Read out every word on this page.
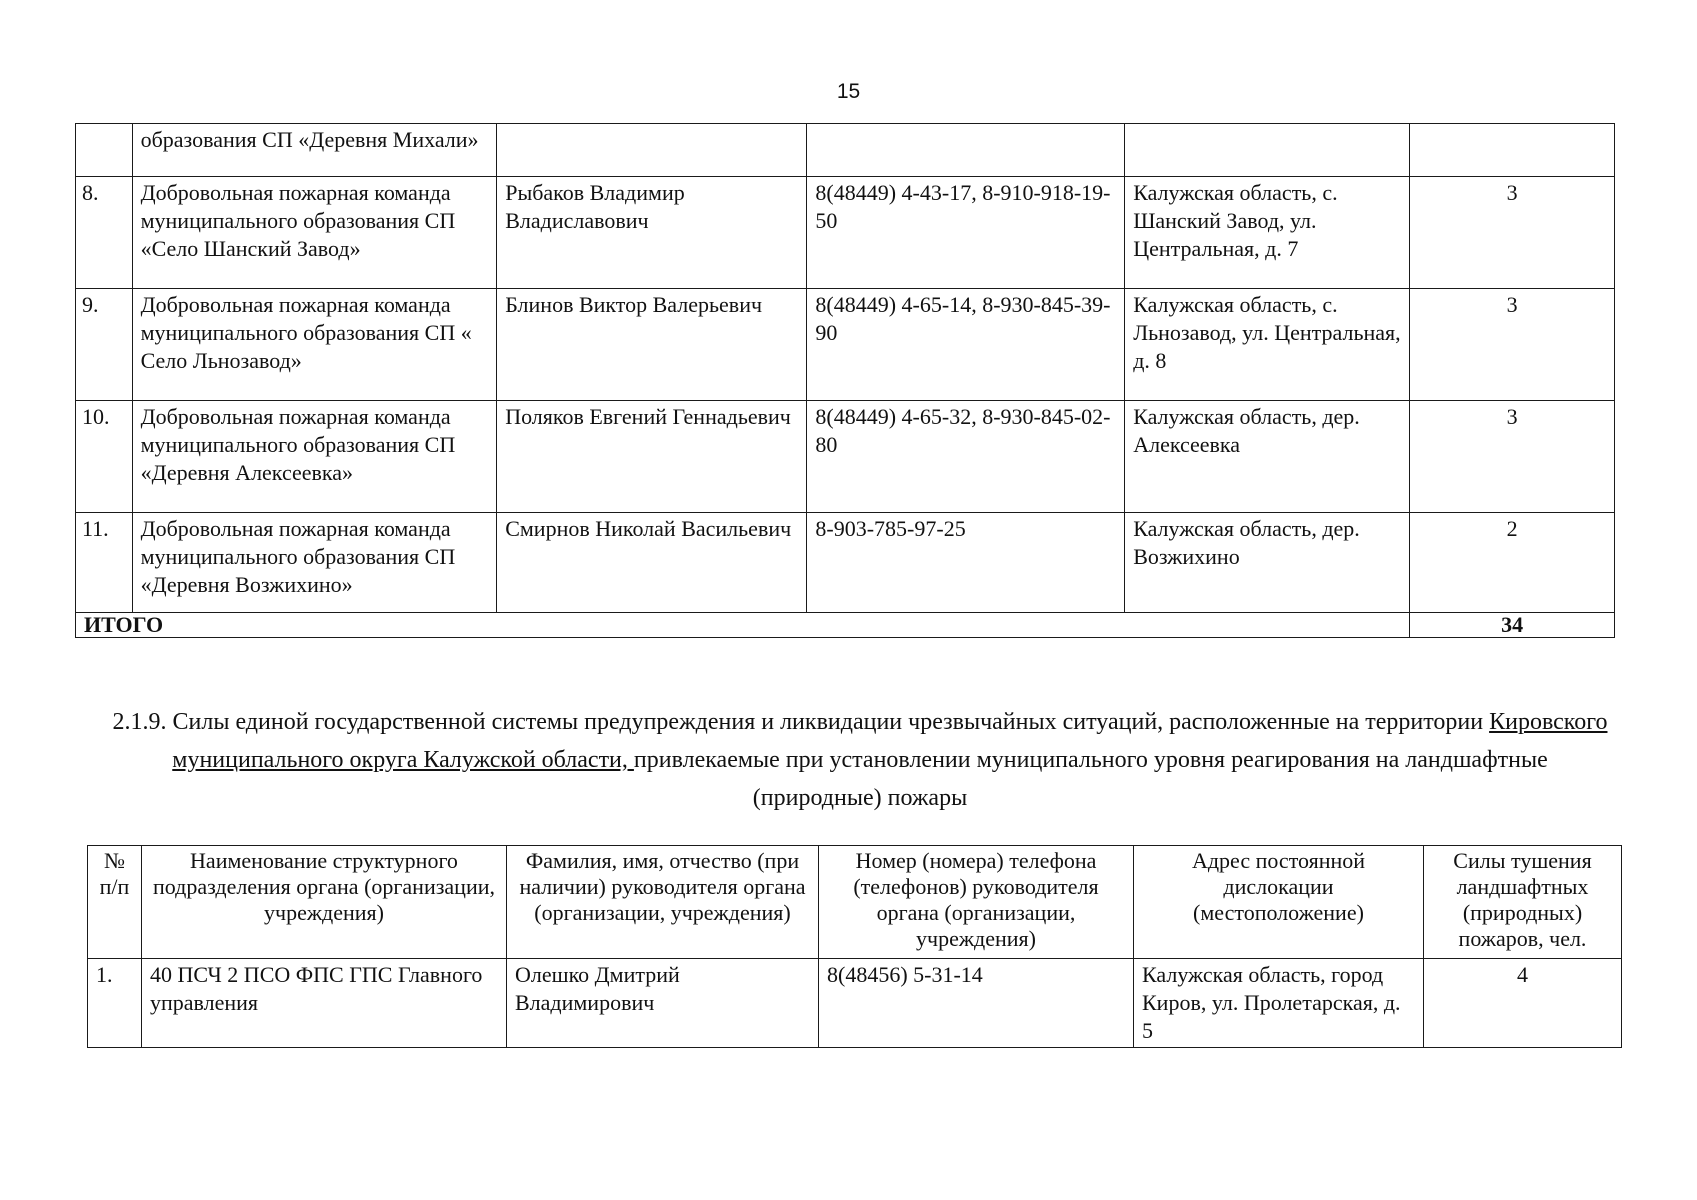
15
	образования СП «Деревня Михали»				
8.	Добровольная пожарная команда муниципального образования СП «Село Шанский Завод»	Рыбаков Владимир Владиславович	8(48449) 4-43-17, 8-910-918-19-50	Калужская область, с. Шанский Завод, ул. Центральная, д. 7	3
9.	Добровольная пожарная команда муниципального образования СП « Село Льнозавод»	Блинов Виктор Валерьевич	8(48449) 4-65-14, 8-930-845-39-90	Калужская область, с. Льнозавод, ул. Центральная, д. 8	3
10.	Добровольная пожарная команда муниципального образования СП «Деревня Алексеевка»	Поляков Евгений Геннадьевич	8(48449) 4-65-32, 8-930-845-02-80	Калужская область, дер. Алексеевка	3
11.	Добровольная пожарная команда муниципального образования СП «Деревня Возжихино»	Смирнов Николай Васильевич	8-903-785-97-25	Калужская область, дер. Возжихино	2
ИТОГО					34
2.1.9. Силы единой государственной системы предупреждения и ликвидации чрезвычайных ситуаций, расположенные на территории Кировского муниципального округа Калужской области, привлекаемые при установлении муниципального уровня реагирования на ландшафтные (природные) пожары
№ п/п	Наименование структурного подразделения органа (организации, учреждения)	Фамилия, имя, отчество (при наличии) руководителя органа (организации, учреждения)	Номер (номера) телефона (телефонов) руководителя органа (организации, учреждения)	Адрес постоянной дислокации (местоположение)	Силы тушения ландшафтных (природных) пожаров, чел.
1.	40 ПСЧ 2 ПСО ФПС ГПС Главного управления	Олешко Дмитрий Владимирович	8(48456) 5-31-14	Калужская область, город Киров, ул. Пролетарская, д. 5	4
